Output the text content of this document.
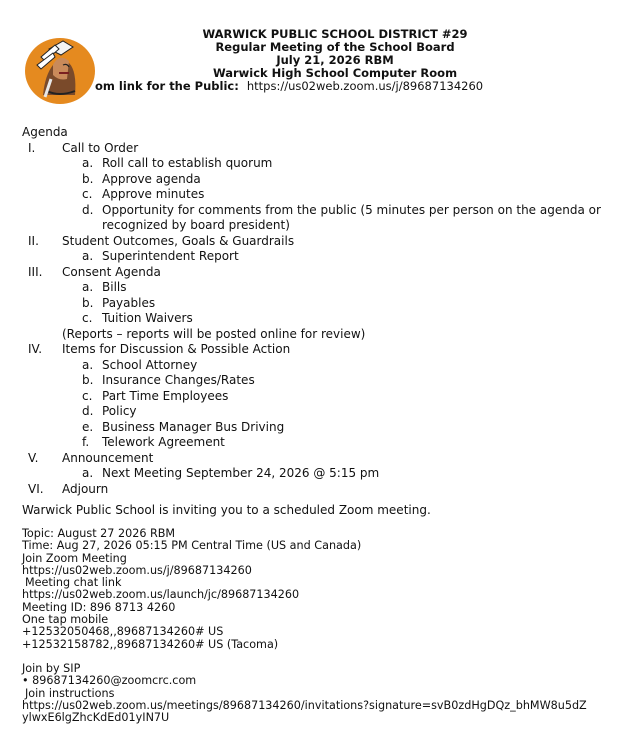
WARWICK PUBLIC SCHOOL DISTRICT #29
Regular Meeting of the School Board
July 21, 2026 RBM
Warwick High School Computer Room
om link for the Public: https://us02web.zoom.us/j/89687134260
Agenda
I.	Call to Order
a. Roll call to establish quorum
b. Approve agenda
c. Approve minutes
d. Opportunity for comments from the public (5 minutes per person on the agenda or recognized by board president)
II.	Student Outcomes, Goals & Guardrails
a. Superintendent Report
III.	Consent Agenda
a. Bills
b. Payables
c. Tuition Waivers
(Reports – reports will be posted online for review)
IV.	Items for Discussion & Possible Action
a. School Attorney
b. Insurance Changes/Rates
c. Part Time Employees
d. Policy
e. Business Manager Bus Driving
f.	Telework Agreement
V.	Announcement
a. Next Meeting September 24, 2026 @ 5:15 pm
VI.	Adjourn
Warwick Public School is inviting you to a scheduled Zoom meeting.
Topic: August 27 2026 RBM
Time: Aug 27, 2026 05:15 PM Central Time (US and Canada)
Join Zoom Meeting
https://us02web.zoom.us/j/89687134260
Meeting chat link
https://us02web.zoom.us/launch/jc/89687134260
Meeting ID: 896 8713 4260
One tap mobile
+12532050468,,89687134260# US
+12532158782,,89687134260# US (Tacoma)
Join by SIP
• 89687134260@zoomcrc.com
Join instructions
https://us02web.zoom.us/meetings/89687134260/invitations?signature=svB0zdHgDQz_bhMW8u5dZ
ylwxE6lgZhcKdEd01yIN7U
